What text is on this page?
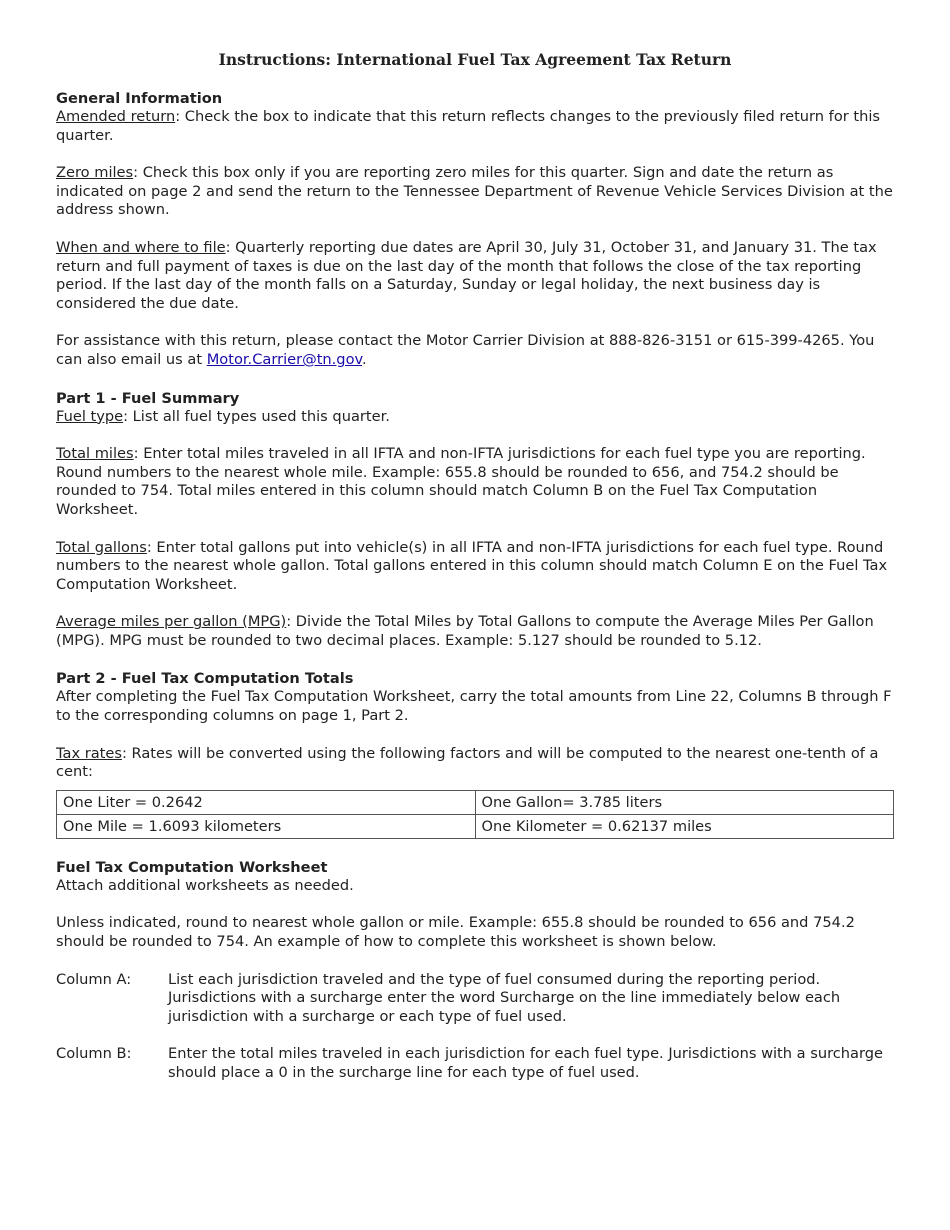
Instructions: International Fuel Tax Agreement Tax Return
General Information

Amended return: Check the box to indicate that this return reflects changes to the previously filed return for this quarter.

Zero miles: Check this box only if you are reporting zero miles for this quarter. Sign and date the return as indicated on page 2 and send the return to the Tennessee Department of Revenue Vehicle Services Division at the address shown.

When and where to file: Quarterly reporting due dates are April 30, July 31, October 31, and January 31. The tax return and full payment of taxes is due on the last day of the month that follows the close of the tax reporting period. If the last day of the month falls on a Saturday, Sunday or legal holiday, the next business day is considered the due date.

For assistance with this return, please contact the Motor Carrier Division at 888-826-3151 or 615-399-4265. You can also email us at Motor.Carrier@tn.gov.

Part 1 - Fuel Summary

Fuel type: List all fuel types used this quarter.

Total miles: Enter total miles traveled in all IFTA and non-IFTA jurisdictions for each fuel type you are reporting. Round numbers to the nearest whole mile. Example: 655.8 should be rounded to 656, and 754.2 should be rounded to 754. Total miles entered in this column should match Column B on the Fuel Tax Computation Worksheet.

Total gallons: Enter total gallons put into vehicle(s) in all IFTA and non-IFTA jurisdictions for each fuel type. Round numbers to the nearest whole gallon. Total gallons entered in this column should match Column E on the Fuel Tax Computation Worksheet.

Average miles per gallon (MPG): Divide the Total Miles by Total Gallons to compute the Average Miles Per Gallon (MPG). MPG must be rounded to two decimal places. Example: 5.127 should be rounded to 5.12.

Part 2 - Fuel Tax Computation Totals

After completing the Fuel Tax Computation Worksheet, carry the total amounts from Line 22, Columns B through F to the corresponding columns on page 1, Part 2.

Tax rates: Rates will be converted using the following factors and will be computed to the nearest one-tenth of a cent:

One Liter = 0.2642	One Gallon= 3.785 liters
One Mile = 1.6093 kilometers	One Kilometer = 0.62137 miles
Fuel Tax Computation Worksheet

Attach additional worksheets as needed.

Unless indicated, round to nearest whole gallon or mile. Example: 655.8 should be rounded to 656 and 754.2 should be rounded to 754. An example of how to complete this worksheet is shown below.

Column A:	List each jurisdiction traveled and the type of fuel consumed during the reporting period. Jurisdictions with a surcharge enter the word Surcharge on the line immediately below each jurisdiction with a surcharge or each type of fuel used.
Column B:	Enter the total miles traveled in each jurisdiction for each fuel type. Jurisdictions with a surcharge should place a 0 in the surcharge line for each type of fuel used.
